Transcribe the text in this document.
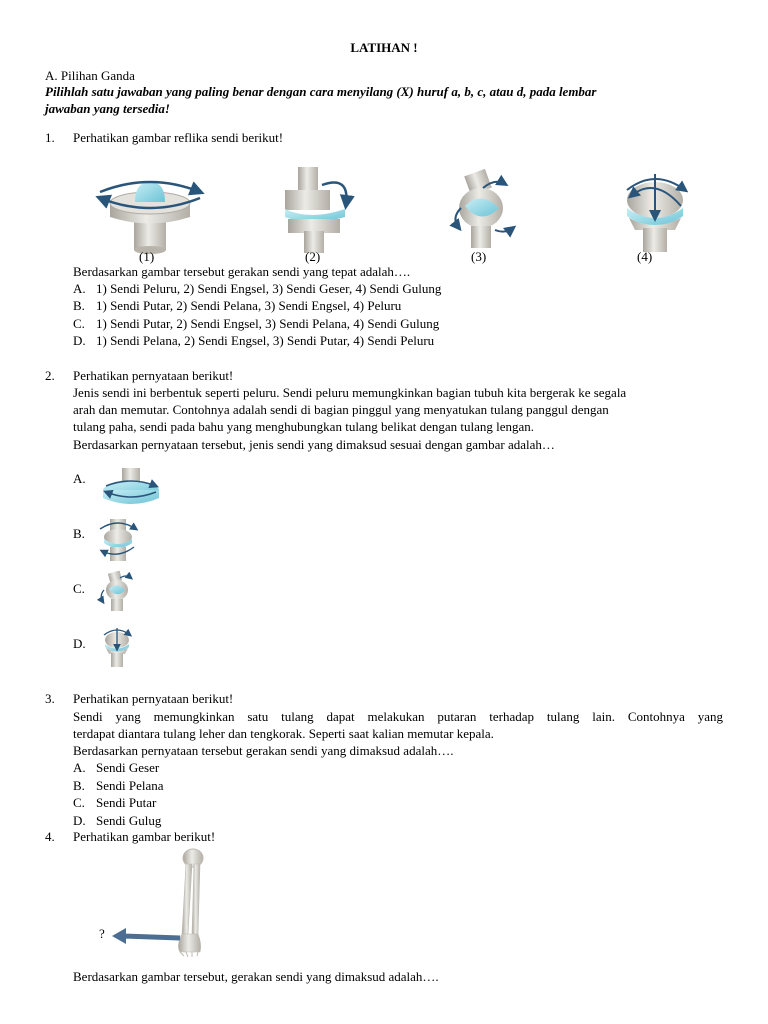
LATIHAN !
A. Pilihan Ganda
Pilihlah satu jawaban yang paling benar dengan cara menyilang (X) huruf a, b, c, atau d, pada lembar
jawaban yang tersedia!
1. Perhatikan gambar reflika sendi berikut!
(1)	(2)	(3)	(4)
Berdasarkan gambar tersebut gerakan sendi yang tepat adalah….
A. 1) Sendi Peluru, 2) Sendi Engsel, 3) Sendi Geser, 4) Sendi Gulung
B. 1) Sendi Putar, 2) Sendi Pelana, 3) Sendi Engsel, 4) Peluru
C. 1) Sendi Putar, 2) Sendi Engsel, 3) Sendi Pelana, 4) Sendi Gulung
D. 1) Sendi Pelana, 2) Sendi Engsel, 3) Sendi Putar, 4) Sendi Peluru
2. Perhatikan pernyataan berikut!
Jenis sendi ini berbentuk seperti peluru. Sendi peluru memungkinkan bagian tubuh kita bergerak ke segala
arah dan memutar. Contohnya adalah sendi di bagian pinggul yang menyatukan tulang panggul dengan
tulang paha, sendi pada bahu yang menghubungkan tulang belikat dengan tulang lengan.
Berdasarkan pernyataan tersebut, jenis sendi yang dimaksud sesuai dengan gambar adalah…
A.
B.
C.
D.
3. Perhatikan pernyataan berikut!
Sendi yang memungkinkan satu tulang dapat melakukan putaran terhadap tulang lain. Contohnya yang
terdapat diantara tulang leher dan tengkorak. Seperti saat kalian memutar kepala.
Berdasarkan pernyataan tersebut gerakan sendi yang dimaksud adalah….
A. Sendi Geser
B. Sendi Pelana
C. Sendi Putar
D. Sendi Gulug
4. Perhatikan gambar berikut!
?
Berdasarkan gambar tersebut, gerakan sendi yang dimaksud adalah….
